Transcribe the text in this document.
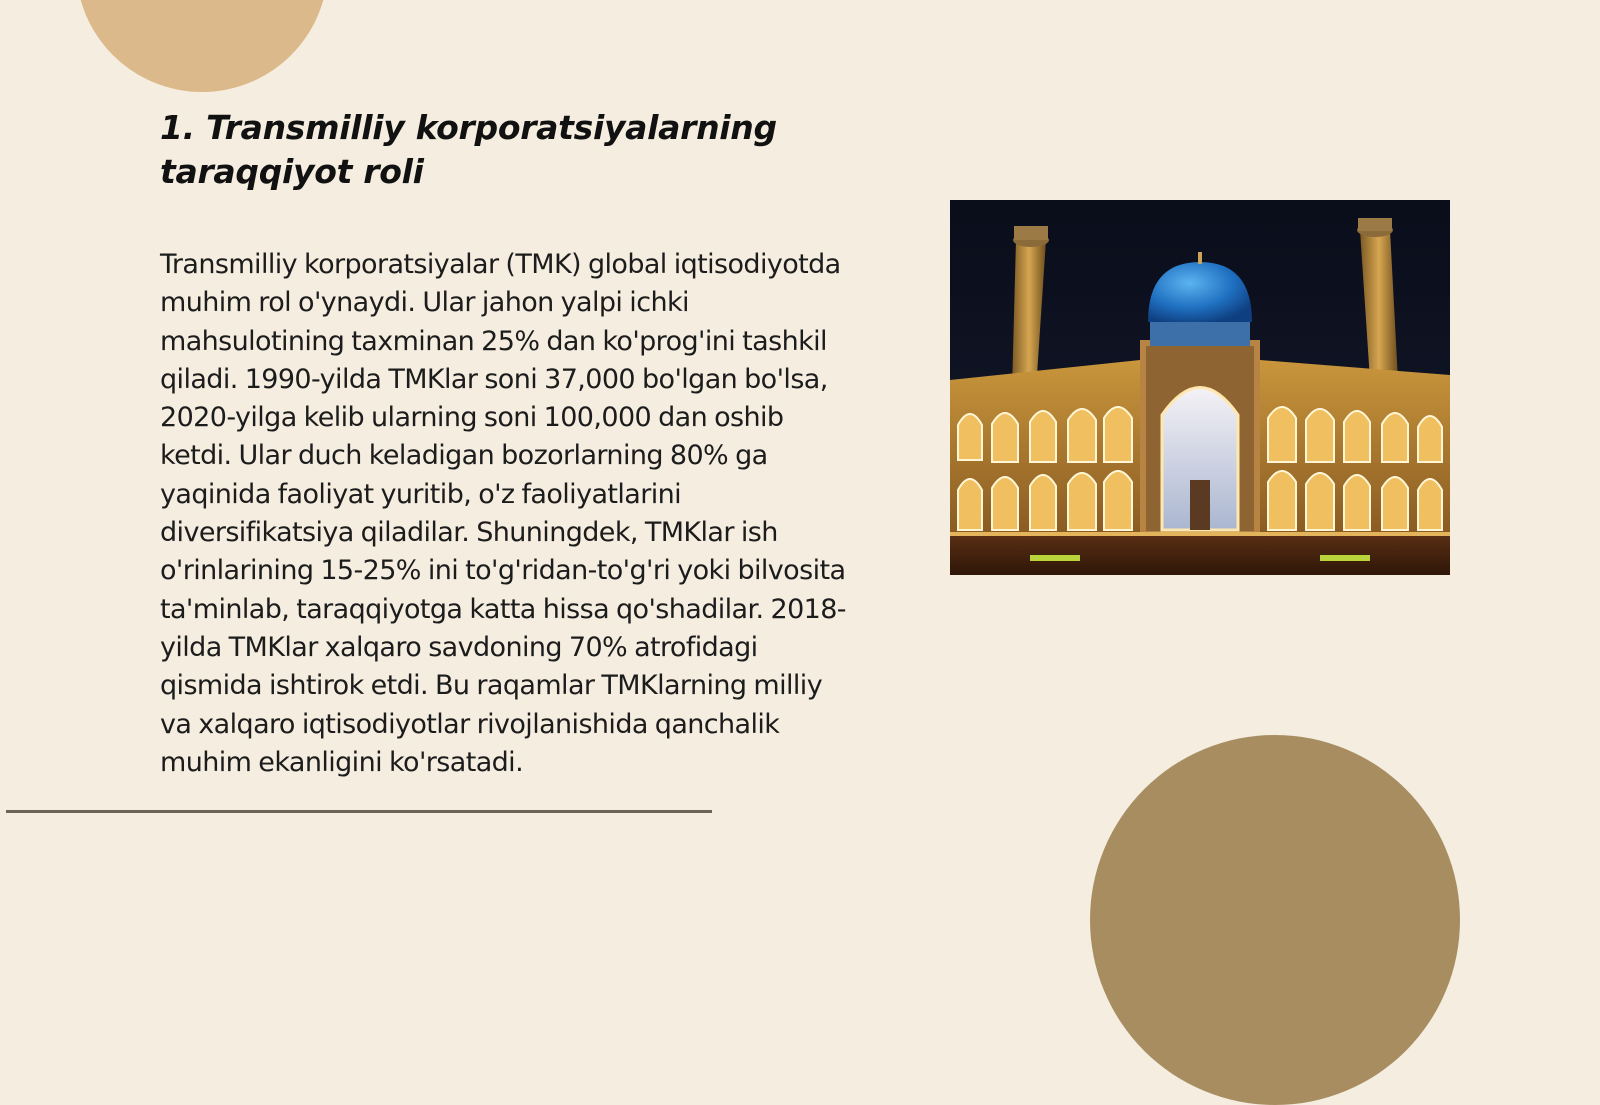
1. Transmilliy korporatsiyalarning taraqqiyot roli

Transmilliy korporatsiyalar (TMK) global iqtisodiyotda muhim rol o'ynaydi. Ular jahon yalpi ichki mahsulotining taxminan 25% dan ko'prog'ini tashkil qiladi. 1990-yilda TMKlar soni 37,000 bo'lgan bo'lsa, 2020-yilga kelib ularning soni 100,000 dan oshib ketdi. Ular duch keladigan bozorlarning 80% ga yaqinida faoliyat yuritib, o'z faoliyatlarini diversifikatsiya qiladilar. Shuningdek, TMKlar ish o'rinlarining 15-25% ini to'g'ridan-to'g'ri yoki bilvosita ta'minlab, taraqqiyotga katta hissa qo'shadilar. 2018-yilda TMKlar xalqaro savdoning 70% atrofidagi qismida ishtirok etdi. Bu raqamlar TMKlarning milliy va xalqaro iqtisodiyotlar rivojlanishida qanchalik muhim ekanligini ko'rsatadi.
